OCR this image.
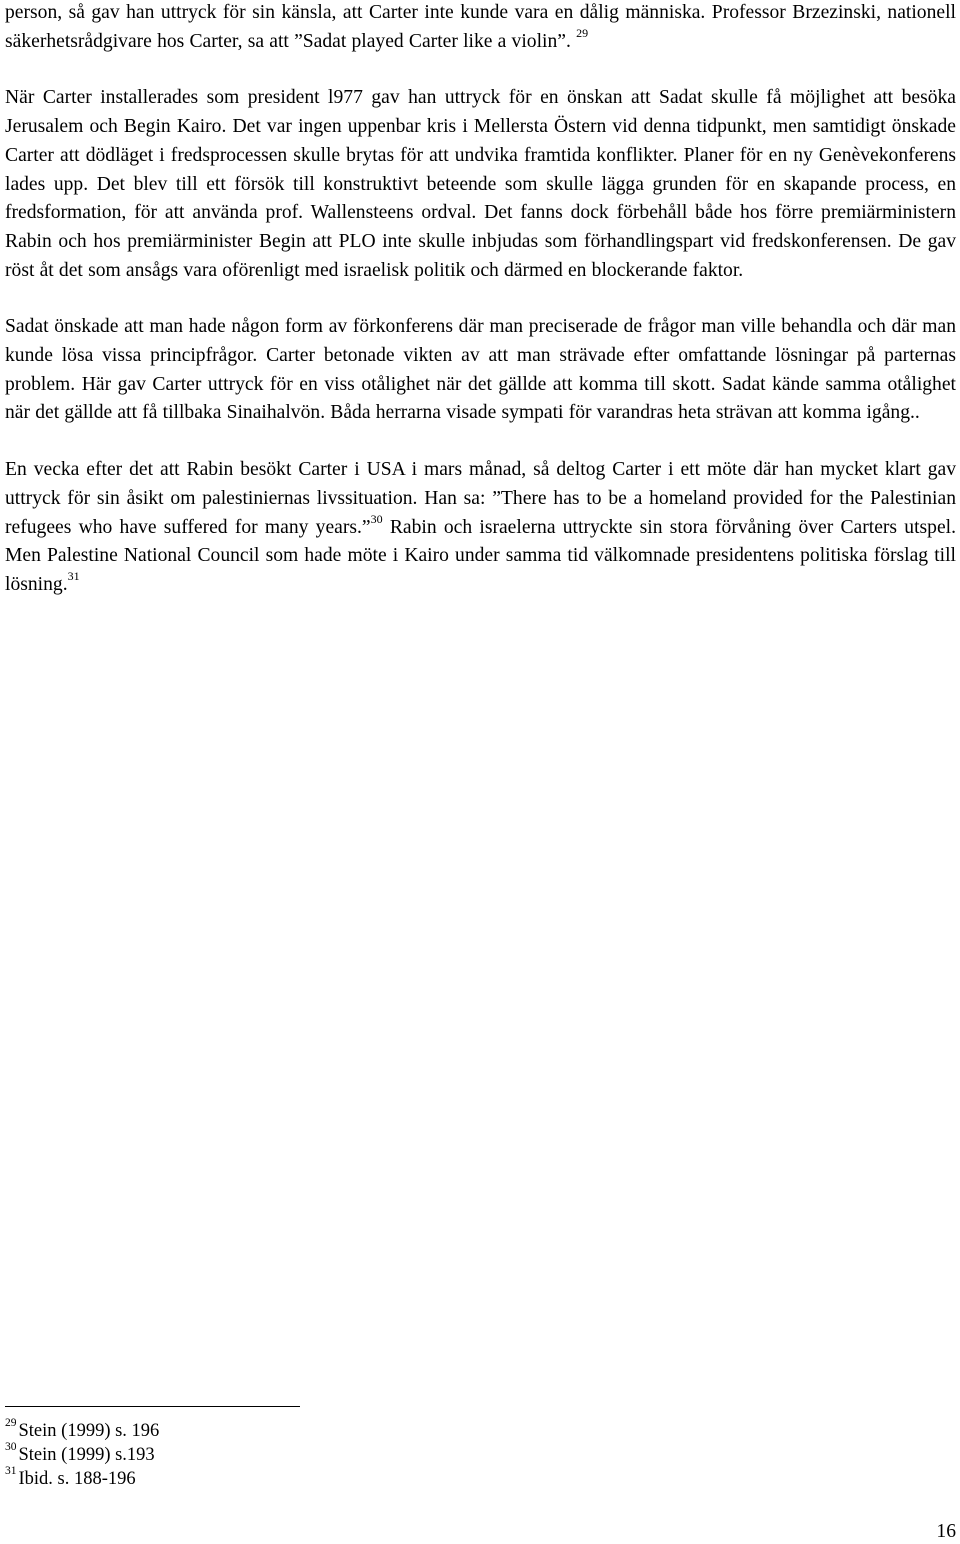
person, så gav han uttryck för sin känsla, att Carter inte kunde vara en dålig människa. Professor Brzezinski, nationell säkerhetsrådgivare hos Carter, sa att ”Sadat played Carter like a violin”. $^{29}$

När Carter installerades som president l977 gav han uttryck för en önskan att Sadat skulle få möjlighet att besöka Jerusalem och Begin Kairo. Det var ingen uppenbar kris i Mellersta Östern vid denna tidpunkt, men samtidigt önskade Carter att dödläget i fredsprocessen skulle brytas för att undvika framtida konflikter. Planer för en ny Genèvekonferens lades upp. Det blev till ett försök till konstruktivt beteende som skulle lägga grunden för en skapande process, en fredsformation, för att använda prof. Wallensteens ordval. Det fanns dock förbehåll både hos förre premiärministern Rabin och hos premiärminister Begin att PLO inte skulle inbjudas som förhandlingspart vid fredskonferensen. De gav röst åt det som ansågs vara oförenligt med israelisk politik och därmed en blockerande faktor.

Sadat önskade att man hade någon form av förkonferens där man preciserade de frågor man ville behandla och där man kunde lösa vissa principfrågor. Carter betonade vikten av att man strävade efter omfattande lösningar på parternas problem. Här gav Carter uttryck för en viss otålighet när det gällde att komma till skott. Sadat kände samma otålighet när det gällde att få tillbaka Sinaihalvön. Båda herrarna visade sympati för varandras heta strävan att komma igång..

En vecka efter det att Rabin besökt Carter i USA i mars månad, så deltog Carter i ett möte där han mycket klart gav uttryck för sin åsikt om palestiniernas livssituation. Han sa: ”There has to be a homeland provided for the Palestinian refugees who have suffered for many years.”$^{30}$ Rabin och israelerna uttryckte sin stora förvåning över Carters utspel. Men Palestine National Council som hade möte i Kairo under samma tid välkomnade presidentens politiska förslag till lösning.$^{31}$

$^{29}$ Stein (1999) s. 196
$^{30}$ Stein (1999) s.193
$^{31}$ Ibid. s. 188-196
16
